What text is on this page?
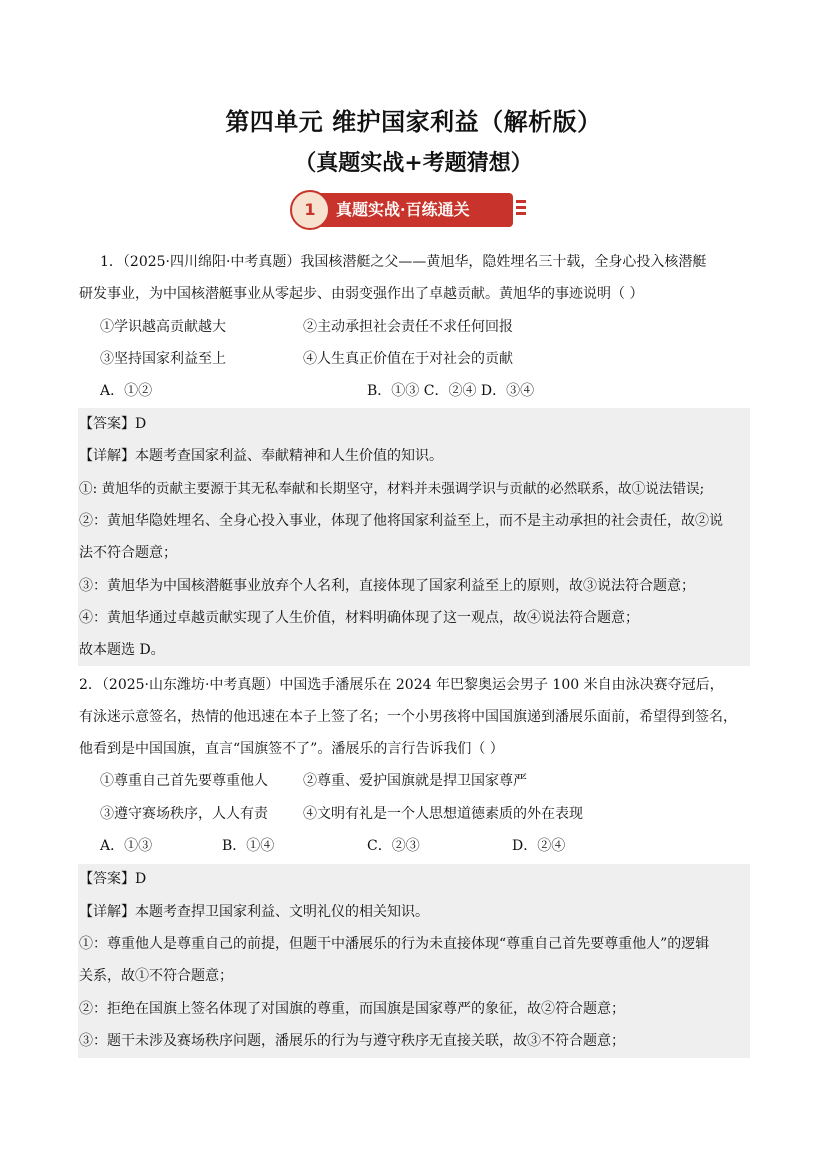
第四单元 维护国家利益（解析版）
（真题实战+考题猜想）
1	真题实战·百练通关
1．（2025·四川绵阳·中考真题）我国核潜艇之父——黄旭华，隐姓埋名三十载，全身心投入核潜艇
研发事业，为中国核潜艇事业从零起步、由弱变强作出了卓越贡献。黄旭华的事迹说明（ ）
①学识越高贡献越大	②主动承担社会责任不求任何回报
③坚持国家利益至上	④人生真正价值在于对社会的贡献
A．①②	B．①③ C．②④ D．③④
【答案】D
【详解】本题考查国家利益、奉献精神和人生价值的知识。
①: 黄旭华的贡献主要源于其无私奉献和长期坚守，材料并未强调学识与贡献的必然联系，故①说法错误;
②：黄旭华隐姓埋名、全身心投入事业，体现了他将国家利益至上，而不是主动承担的社会责任，故②说
法不符合题意；
③：黄旭华为中国核潜艇事业放弃个人名利，直接体现了国家利益至上的原则，故③说法符合题意；
④：黄旭华通过卓越贡献实现了人生价值，材料明确体现了这一观点，故④说法符合题意；
故本题选 D。
2．（2025·山东潍坊·中考真题）中国选手潘展乐在 2024 年巴黎奥运会男子 100 米自由泳决赛夺冠后，
有泳迷示意签名，热情的他迅速在本子上签了名；一个小男孩将中国国旗递到潘展乐面前，希望得到签名，
他看到是中国国旗，直言“国旗签不了”。潘展乐的言行告诉我们（ ）
①尊重自己首先要尊重他人	②尊重、爱护国旗就是捍卫国家尊严
③遵守赛场秩序，人人有责	④文明有礼是一个人思想道德素质的外在表现
A．①③	B．①④	C．②③	D．②④
【答案】D
【详解】本题考查捍卫国家利益、文明礼仪的相关知识。
①：尊重他人是尊重自己的前提，但题干中潘展乐的行为未直接体现“尊重自己首先要尊重他人”的逻辑
关系，故①不符合题意；
②：拒绝在国旗上签名体现了对国旗的尊重，而国旗是国家尊严的象征，故②符合题意；
③：题干未涉及赛场秩序问题，潘展乐的行为与遵守秩序无直接关联，故③不符合题意；
